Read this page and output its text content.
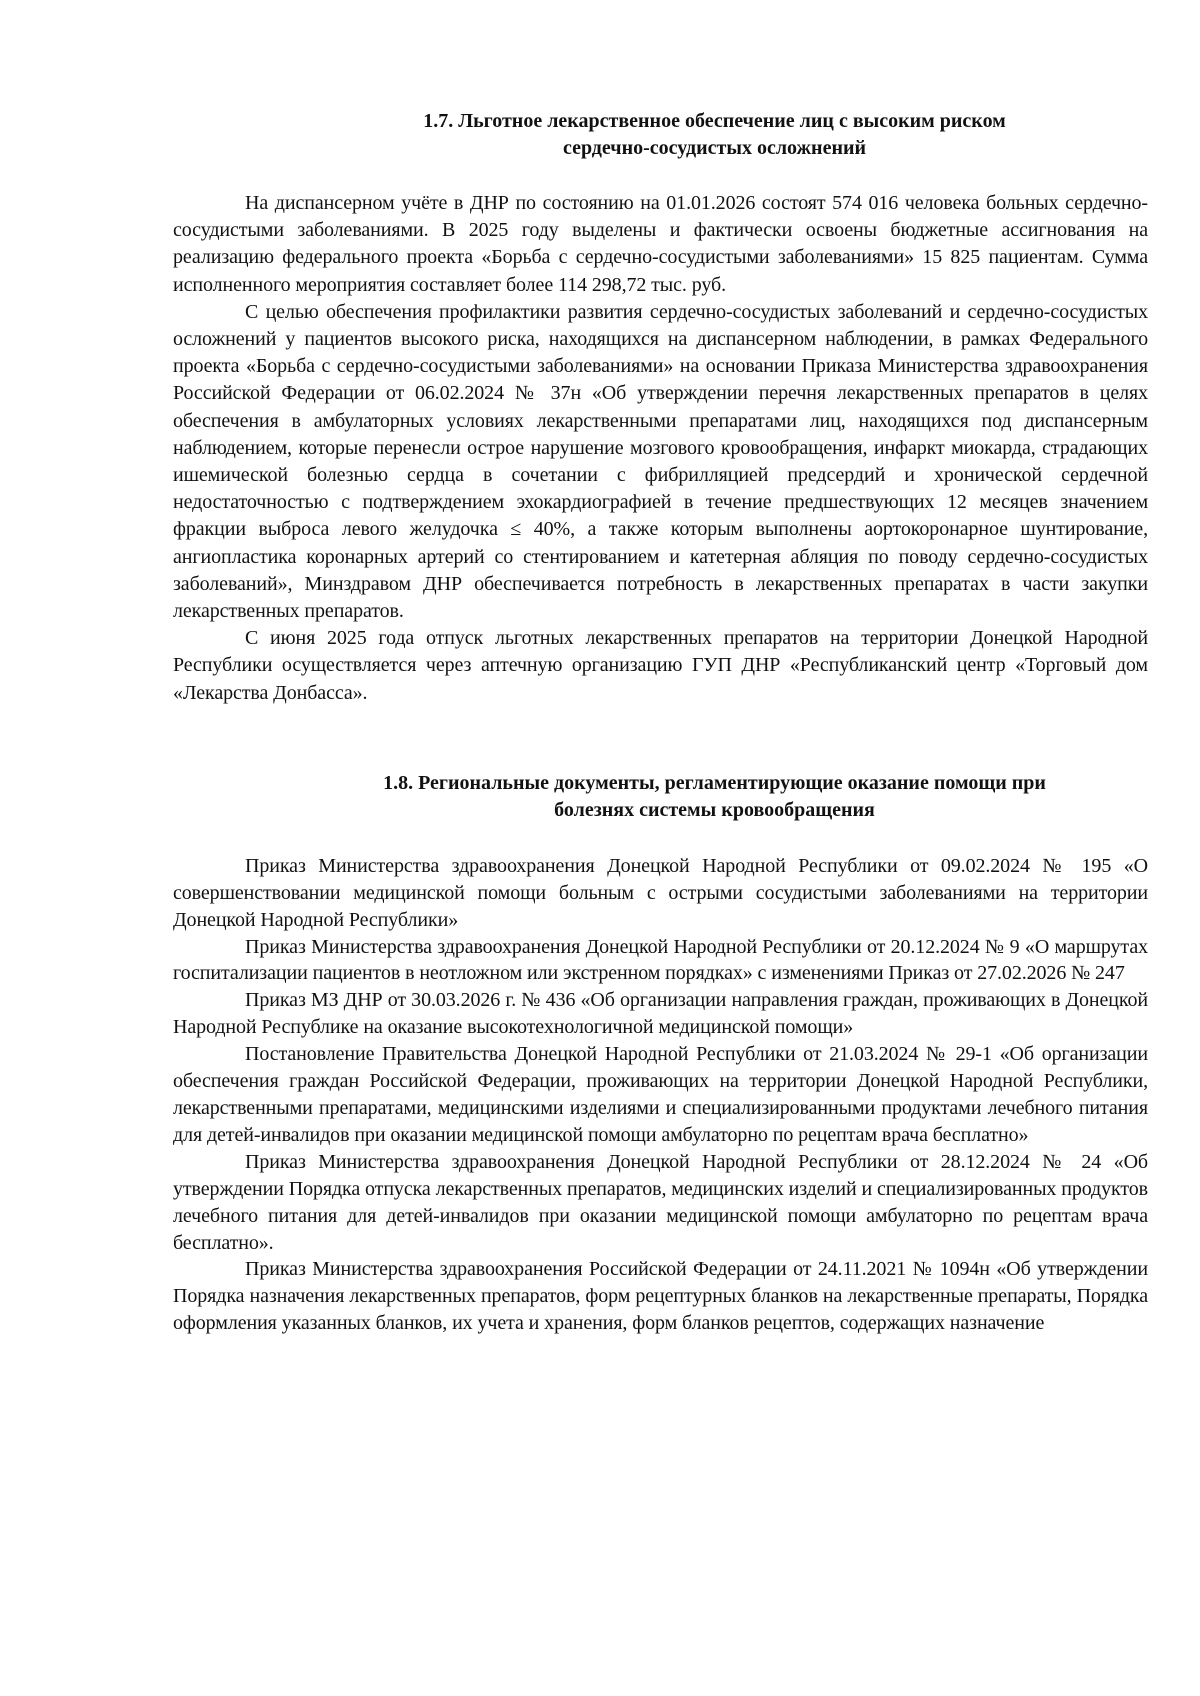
1.7. Льготное лекарственное обеспечение лиц с высоким риском
сердечно-сосудистых осложнений

На диспансерном учёте в ДНР по состоянию на 01.01.2026 состоят 574 016 человека больных сердечно-сосудистыми заболеваниями. В 2025 году выделены и фактически освоены бюджетные ассигнования на реализацию федерального проекта «Борьба с сердечно-сосудистыми заболеваниями» 15 825 пациентам. Сумма исполненного мероприятия составляет более 114 298,72 тыс. руб.

С целью обеспечения профилактики развития сердечно-сосудистых заболеваний и сердечно-сосудистых осложнений у пациентов высокого риска, находящихся на диспансерном наблюдении, в рамках Федерального проекта «Борьба с сердечно-сосудистыми заболеваниями» на основании Приказа Министерства здравоохранения Российской Федерации от 06.02.2024 № 37н «Об утверждении перечня лекарственных препаратов в целях обеспечения в амбулаторных условиях лекарственными препаратами лиц, находящихся под диспансерным наблюдением, которые перенесли острое нарушение мозгового кровообращения, инфаркт миокарда, страдающих ишемической болезнью сердца в сочетании с фибрилляцией предсердий и хронической сердечной недостаточностью с подтверждением эхокардиографией в течение предшествующих 12 месяцев значением фракции выброса левого желудочка ≤ 40%, а также которым выполнены аортокоронарное шунтирование, ангиопластика коронарных артерий со стентированием и катетерная абляция по поводу сердечно-сосудистых заболеваний», Минздравом ДНР обеспечивается потребность в лекарственных препаратах в части закупки лекарственных препаратов.

С июня 2025 года отпуск льготных лекарственных препаратов на территории Донецкой Народной Республики осуществляется через аптечную организацию ГУП ДНР «Республиканский центр «Торговый дом «Лекарства Донбасса».

1.8. Региональные документы, регламентирующие оказание помощи при
болезнях системы кровообращения

Приказ Министерства здравоохранения Донецкой Народной Республики от 09.02.2024 № 195 «О совершенствовании медицинской помощи больным с острыми сосудистыми заболеваниями на территории Донецкой Народной Республики»

Приказ Министерства здравоохранения Донецкой Народной Республики от 20.12.2024 № 9 «О маршрутах госпитализации пациентов в неотложном или экстренном порядках» с изменениями Приказ от 27.02.2026 № 247

Приказ МЗ ДНР от 30.03.2026 г. № 436 «Об организации направления граждан, проживающих в Донецкой Народной Республике на оказание высокотехнологичной медицинской помощи»

Постановление Правительства Донецкой Народной Республики от 21.03.2024 № 29-1 «Об организации обеспечения граждан Российской Федерации, проживающих на территории Донецкой Народной Республики, лекарственными препаратами, медицинскими изделиями и специализированными продуктами лечебного питания для детей-инвалидов при оказании медицинской помощи амбулаторно по рецептам врача бесплатно»

Приказ Министерства здравоохранения Донецкой Народной Республики от 28.12.2024 № 24 «Об утверждении Порядка отпуска лекарственных препаратов, медицинских изделий и специализированных продуктов лечебного питания для детей-инвалидов при оказании медицинской помощи амбулаторно по рецептам врача бесплатно».

Приказ Министерства здравоохранения Российской Федерации от 24.11.2021 № 1094н «Об утверждении Порядка назначения лекарственных препаратов, форм рецептурных бланков на лекарственные препараты, Порядка оформления указанных бланков, их учета и хранения, форм бланков рецептов, содержащих назначение
